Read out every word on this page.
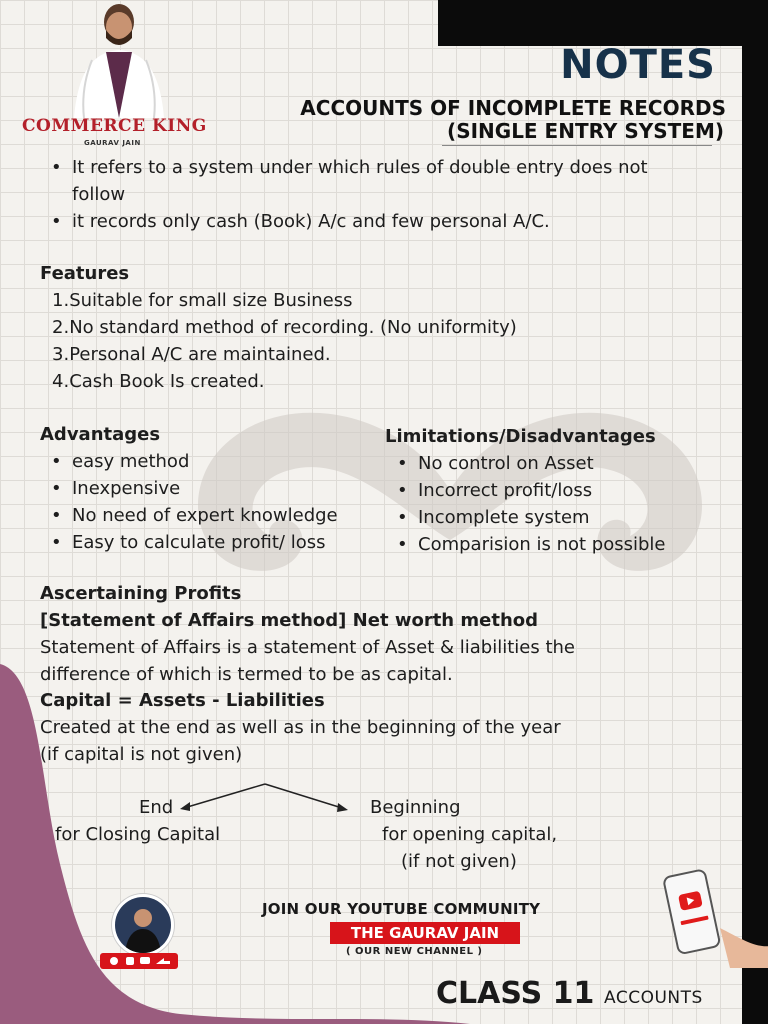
COMMERCE KING
GAURAV JAIN
NOTES
ACCOUNTS OF INCOMPLETE RECORDS
(SINGLE ENTRY SYSTEM)
• It refers to a system under which rules of double entry does not
follow
• it records only cash (Book) A/c and few personal A/C.
Features
1.Suitable for small size Business
2.No standard method of recording. (No uniformity)
3.Personal A/C are maintained.
4.Cash Book Is created.
Advantages
• easy method
• Inexpensive
• No need of expert knowledge
• Easy to calculate profit/ loss
Limitations/Disadvantages
• No control on Asset
• Incorrect profit/loss
• Incomplete system
• Comparision is not possible
Ascertaining Profits
[Statement of Affairs method] Net worth method
Statement of Affairs is a statement of Asset & liabilities the
difference of which is termed to be as capital.
Capital = Assets - Liabilities
Created at the end as well as in the beginning of the year
(if capital is not given)
End
for Closing Capital
Beginning
for opening capital,
(if not given)
JOIN OUR YOUTUBE COMMUNITY
THE GAURAV JAIN
( OUR NEW CHANNEL )
CLASS 11 ACCOUNTS
